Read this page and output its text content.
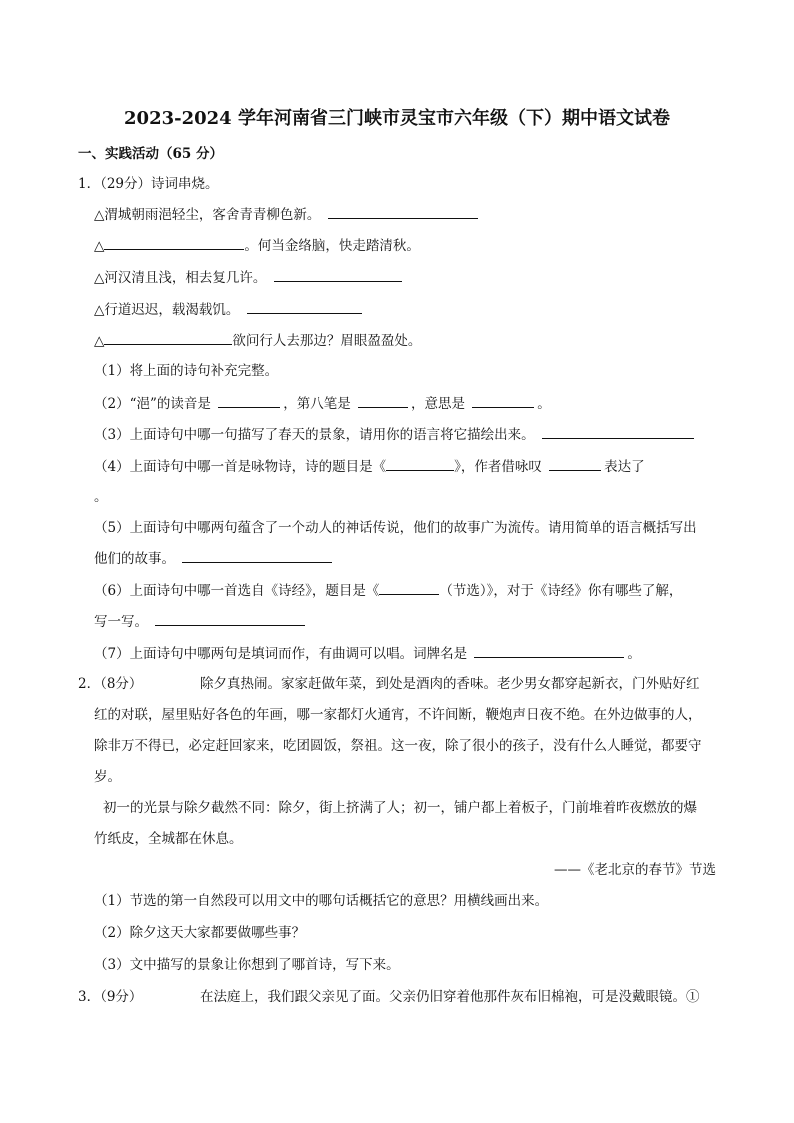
2023-2024 学年河南省三门峡市灵宝市六年级（下）期中语文试卷
一、实践活动（65 分）
1．（29分）诗词串烧。
△渭城朝雨浥轻尘，客舍青青柳色新。
△	。何当金络脑，快走踏清秋。
△河汉清且浅，相去复几许。
△行道迟迟，载渴载饥。
△	欲问行人去那边？眉眼盈盈处。
（1）将上面的诗句补充完整。
（2）“浥”的读音是	，第八笔是	，意思是	。
（3）上面诗句中哪一句描写了春天的景象，请用你的语言将它描绘出来。
（4）上面诗句中哪一首是咏物诗，诗的题目是《	》，作者借咏叹	表达了
。
（5）上面诗句中哪两句蕴含了一个动人的神话传说，他们的故事广为流传。请用简单的语言概括写出
他们的故事。
（6）上面诗句中哪一首选自《诗经》，题目是《	（节选）》，对于《诗经》你有哪些了解，
写一写。
（7）上面诗句中哪两句是填词而作，有曲调可以唱。词牌名是	。
2．（8分）	除夕真热闹。家家赶做年菜，到处是酒肉的香味。老少男女都穿起新衣，门外贴好红
红的对联，屋里贴好各色的年画，哪一家都灯火通宵，不许间断，鞭炮声日夜不绝。在外边做事的人，
除非万不得已，必定赶回家来，吃团圆饭，祭祖。这一夜，除了很小的孩子，没有什么人睡觉，都要守
岁。
初一的光景与除夕截然不同：除夕，街上挤满了人；初一，铺户都上着板子，门前堆着昨夜燃放的爆
竹纸皮，全城都在休息。
——《老北京的春节》节选
（1）节选的第一自然段可以用文中的哪句话概括它的意思？用横线画出来。
（2）除夕这天大家都要做哪些事？
（3）文中描写的景象让你想到了哪首诗，写下来。
3．（9分）	在法庭上，我们跟父亲见了面。父亲仍旧穿着他那件灰布旧棉袍，可是没戴眼镜。①
